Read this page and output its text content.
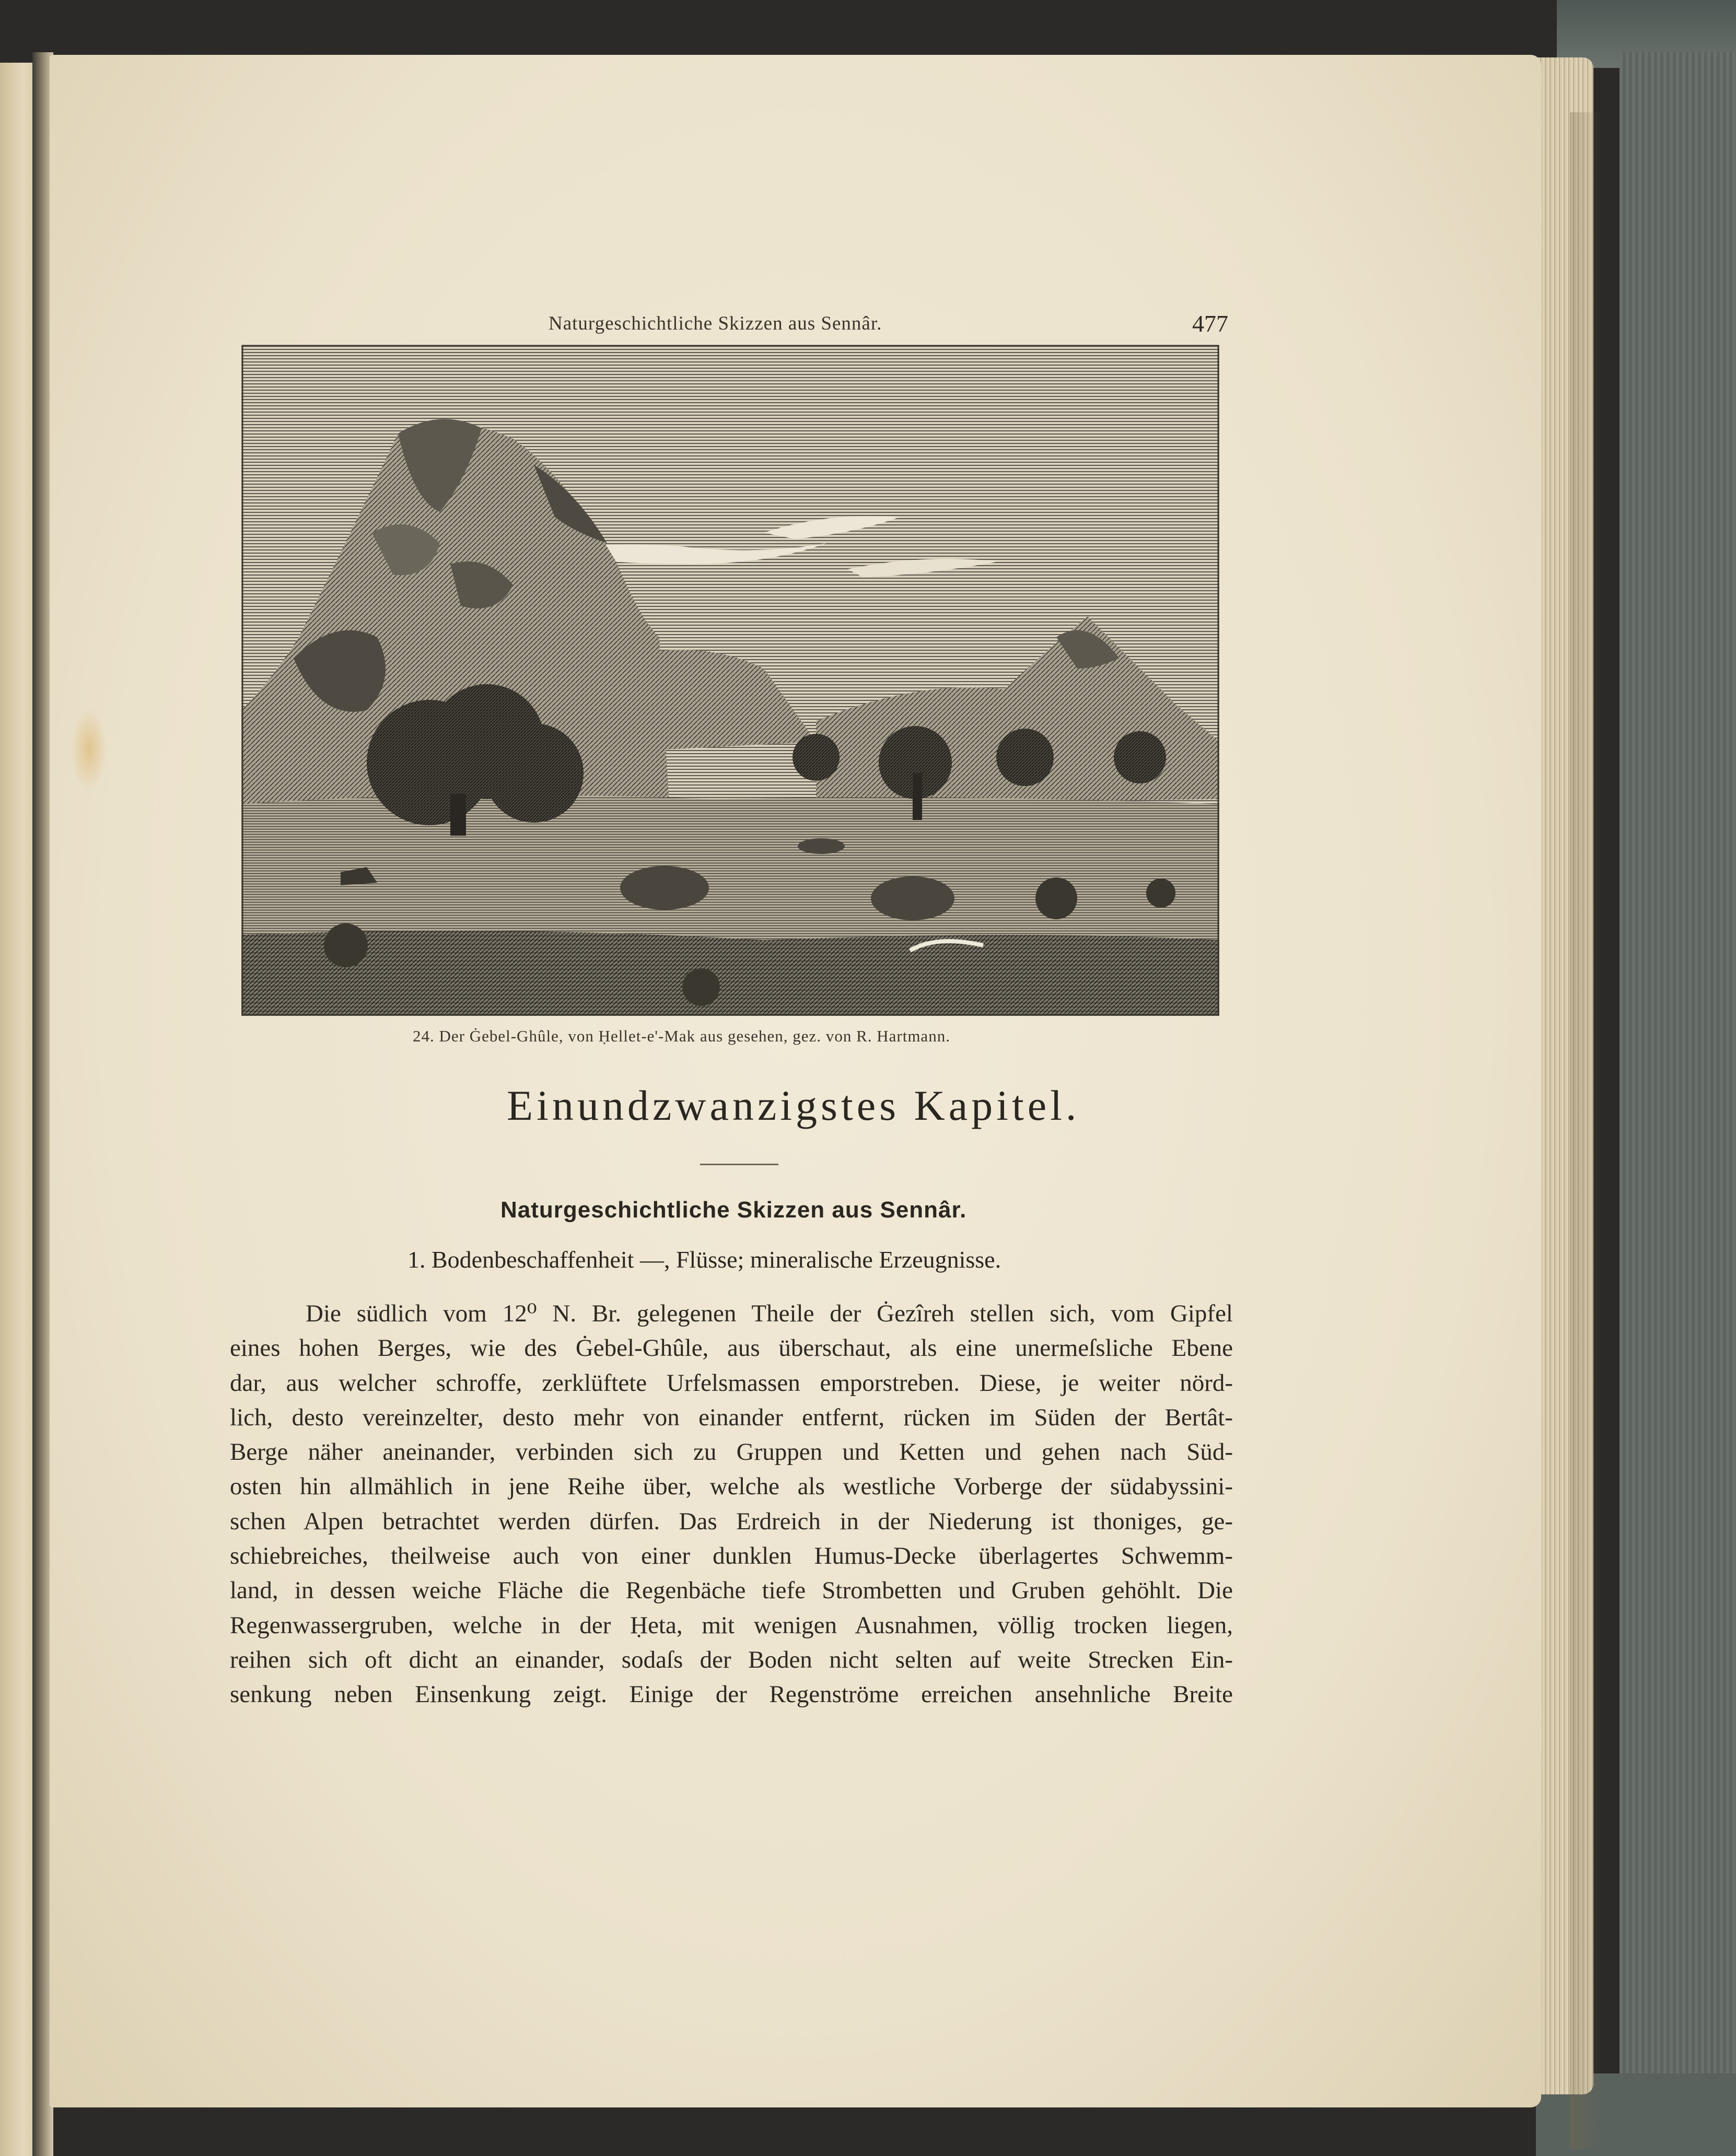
Naturgeschichtliche Skizzen aus Sennâr.	477
24. Der Ġebel-Ghûle, von Ḥellet-e'-Mak aus gesehen, gez. von R. Hartmann.
Einundzwanzigstes Kapitel.
Naturgeschichtliche Skizzen aus Sennâr.
1. Bodenbeschaffenheit —, Flüsse; mineralische Erzeugnisse.
Die südlich vom 12⁰ N. Br. gelegenen Theile der Ġezîreh stellen sich, vom Gipfel
eines hohen Berges, wie des Ġebel-Ghûle, aus überschaut, als eine unermeſsliche Ebene
dar, aus welcher schroffe, zerklüftete Urfelsmassen emporstreben. Diese, je weiter nörd-
lich, desto vereinzelter, desto mehr von einander entfernt, rücken im Süden der Bertât-
Berge näher aneinander, verbinden sich zu Gruppen und Ketten und gehen nach Süd-
osten hin allmählich in jene Reihe über, welche als westliche Vorberge der südabyssini-
schen Alpen betrachtet werden dürfen. Das Erdreich in der Niederung ist thoniges, ge-
schiebreiches, theilweise auch von einer dunklen Humus-Decke überlagertes Schwemm-
land, in dessen weiche Fläche die Regenbäche tiefe Strombetten und Gruben gehöhlt. Die
Regenwassergruben, welche in der Ḥeta, mit wenigen Ausnahmen, völlig trocken liegen,
reihen sich oft dicht an einander, sodaſs der Boden nicht selten auf weite Strecken Ein-
senkung neben Einsenkung zeigt. Einige der Regenströme erreichen ansehnliche Breite
